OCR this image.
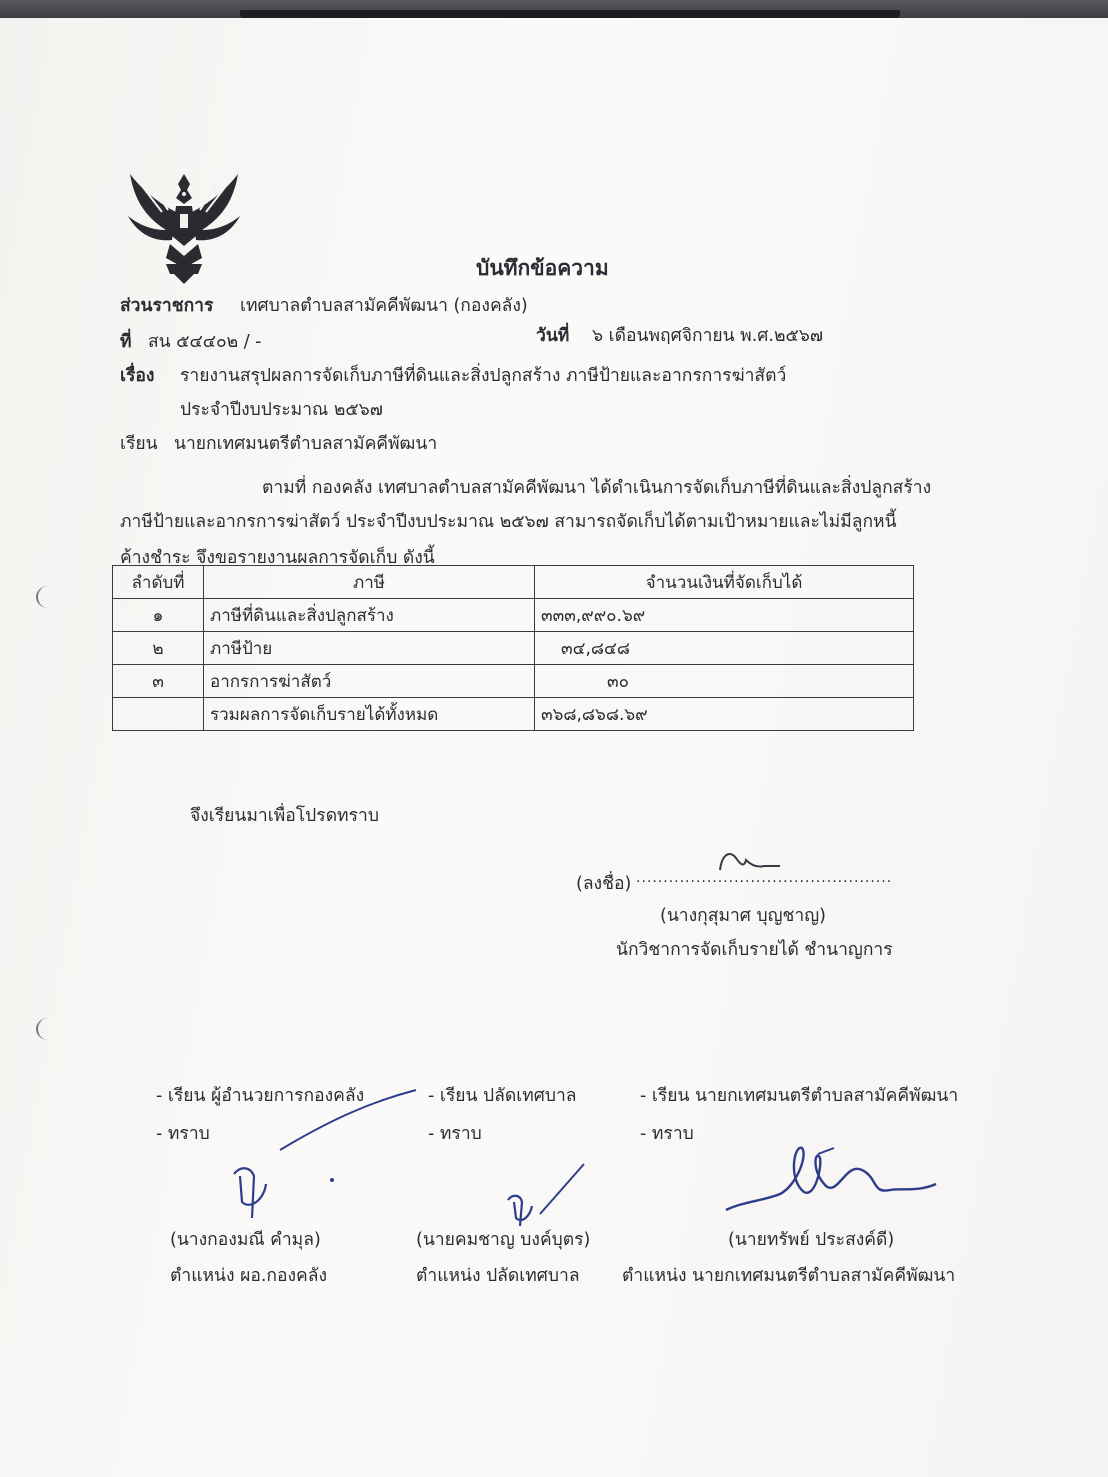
บันทึกข้อความ
ส่วนราชการ เทศบาลตำบลสามัคคีพัฒนา (กองคลัง)
ที่ สน ๕๔๔๐๒ / -	วันที่ ๖ เดือนพฤศจิกายน พ.ศ.๒๕๖๗
เรื่อง รายงานสรุปผลการจัดเก็บภาษีที่ดินและสิ่งปลูกสร้าง ภาษีป้ายและอากรการฆ่าสัตว์
ประจำปีงบประมาณ ๒๕๖๗
เรียน นายกเทศมนตรีตำบลสามัคคีพัฒนา
ตามที่ กองคลัง เทศบาลตำบลสามัคคีพัฒนา ได้ดำเนินการจัดเก็บภาษีที่ดินและสิ่งปลูกสร้าง
ภาษีป้ายและอากรการฆ่าสัตว์ ประจำปีงบประมาณ ๒๕๖๗ สามารถจัดเก็บได้ตามเป้าหมายและไม่มีลูกหนี้
ค้างชำระ จึงขอรายงานผลการจัดเก็บ ดังนี้
ลำดับที่	ภาษี	จำนวนเงินที่จัดเก็บได้
๑	ภาษีที่ดินและสิ่งปลูกสร้าง	๓๓๓,๙๙๐.๖๙
๒	ภาษีป้าย	๓๔,๘๔๘
๓	อากรการฆ่าสัตว์	๓๐
	รวมผลการจัดเก็บรายได้ทั้งหมด	๓๖๘,๘๖๘.๖๙
จึงเรียนมาเพื่อโปรดทราบ
(ลงชื่อ) ...............................................
(นางกุสุมาศ บุญชาญ)
นักวิชาการจัดเก็บรายได้ ชำนาญการ
- เรียน ผู้อำนวยการกองคลัง
- ทราบ
(นางกองมณี คำมุล)
ตำแหน่ง ผอ.กองคลัง
- เรียน ปลัดเทศบาล
- ทราบ
(นายคมชาญ บงค์บุตร)
ตำแหน่ง ปลัดเทศบาล
- เรียน นายกเทศมนตรีตำบลสามัคคีพัฒนา
- ทราบ
(นายทรัพย์ ประสงค์ดี)
ตำแหน่ง นายกเทศมนตรีตำบลสามัคคีพัฒนา
